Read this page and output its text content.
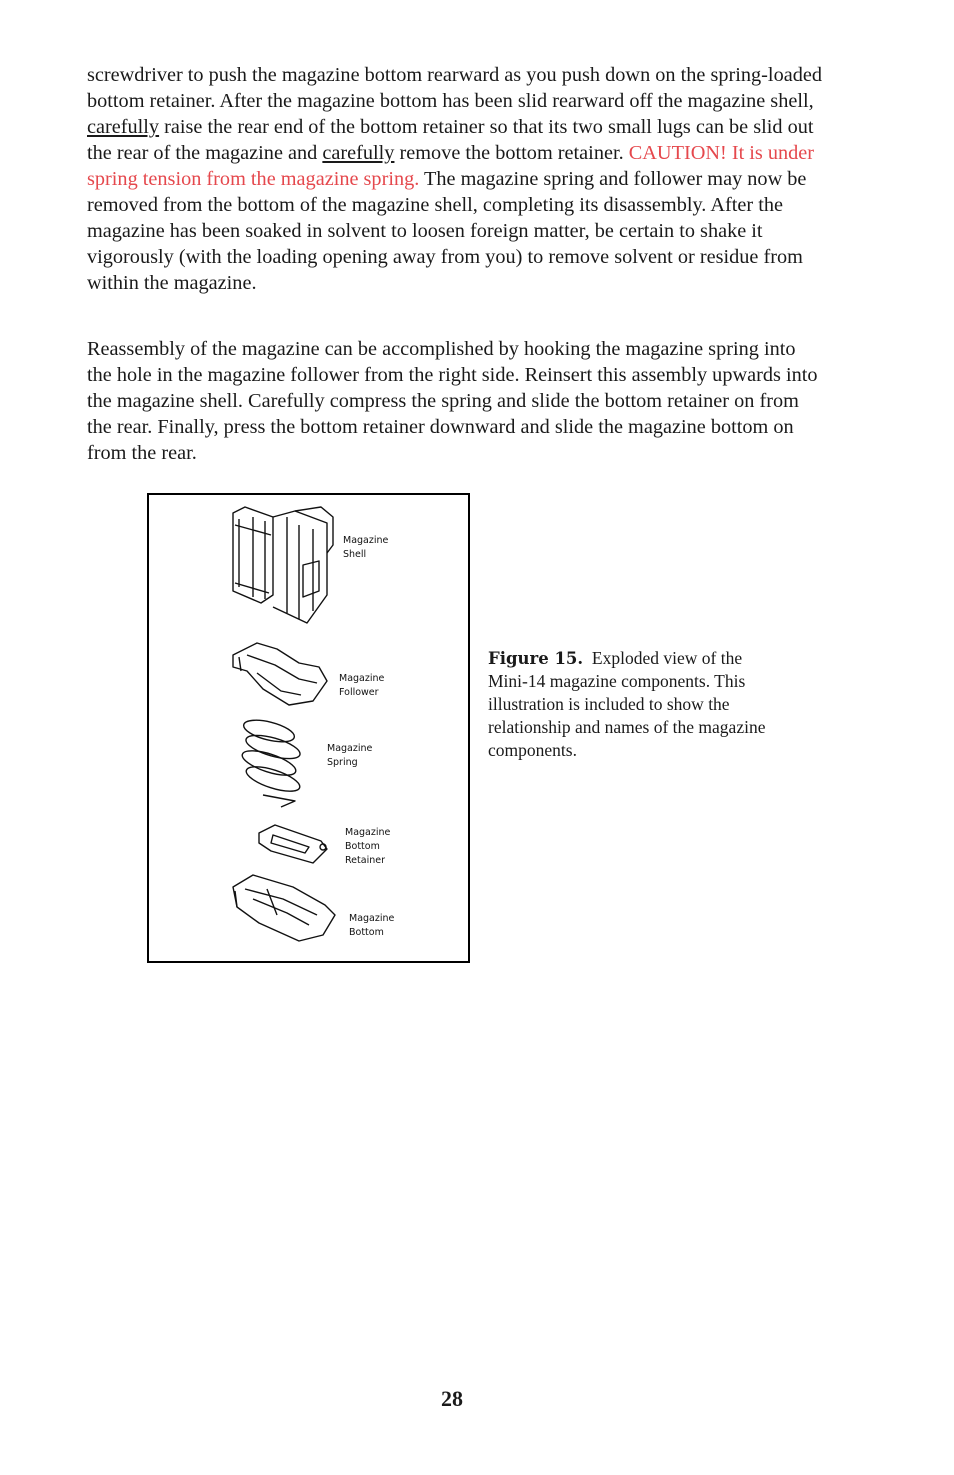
screwdriver to push the magazine bottom rearward as you push down on the spring-loaded bottom retainer. After the magazine bottom has been slid rearward off the magazine shell, carefully raise the rear end of the bottom retainer so that its two small lugs can be slid out the rear of the magazine and carefully remove the bottom retainer. CAUTION! It is under spring tension from the magazine spring. The magazine spring and follower may now be removed from the bottom of the magazine shell, completing its disassembly. After the magazine has been soaked in solvent to loosen foreign matter, be certain to shake it vigorously (with the loading opening away from you) to remove solvent or residue from within the magazine.

Reassembly of the magazine can be accomplished by hooking the magazine spring into the hole in the magazine follower from the right side. Reinsert this assembly upwards into the magazine shell. Carefully compress the spring and slide the bottom retainer on from the rear. Finally, press the bottom retainer downward and slide the magazine bottom on from the rear.

Magazine
Shell
Magazine
Follower
Magazine
Spring
Magazine
Bottom
Retainer
Magazine
Bottom

Figure 15. Exploded view of the Mini-14 magazine components. This illustration is included to show the relationship and names of the magazine components.

28
